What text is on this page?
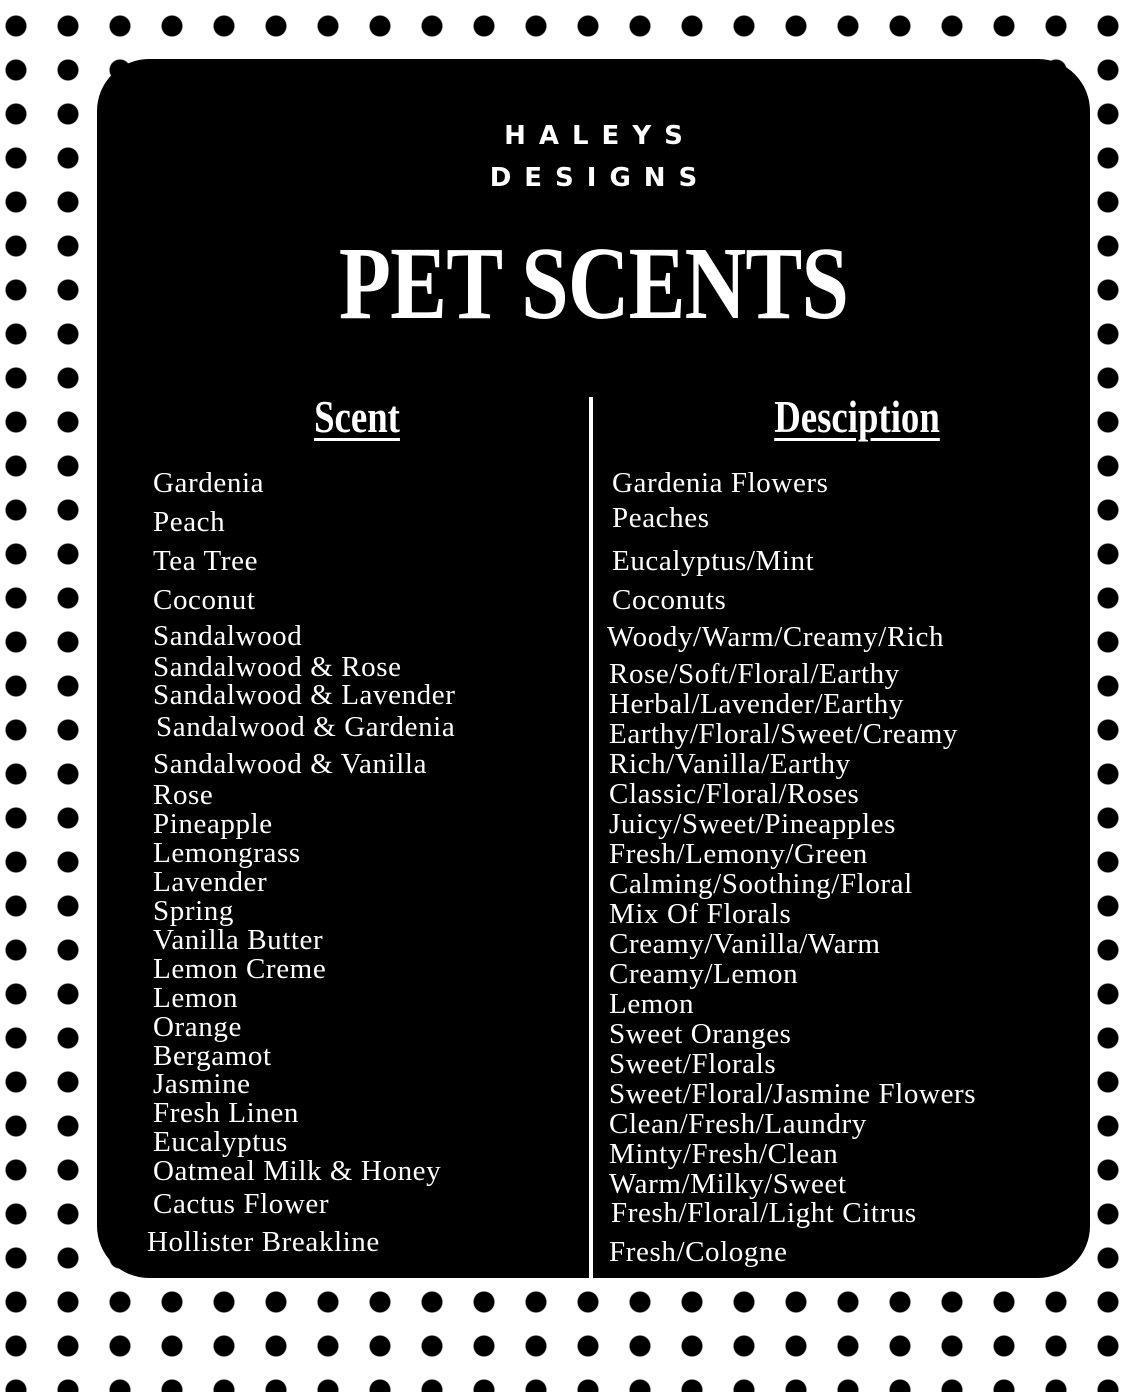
HALEYS
DESIGNS
PET SCENTS
Scent	Desciption
Gardenia
Peach
Tea Tree
Coconut
Sandalwood
Sandalwood & Rose
Sandalwood & Lavender
Sandalwood & Gardenia
Sandalwood & Vanilla
Rose
Pineapple
Lemongrass
Lavender
Spring
Vanilla Butter
Lemon Creme
Lemon
Orange
Bergamot
Jasmine
Fresh Linen
Eucalyptus
Oatmeal Milk & Honey
Cactus Flower
Hollister Breakline
Gardenia Flowers
Peaches
Eucalyptus/Mint
Coconuts
Woody/Warm/Creamy/Rich
Rose/Soft/Floral/Earthy
Herbal/Lavender/Earthy
Earthy/Floral/Sweet/Creamy
Rich/Vanilla/Earthy
Classic/Floral/Roses
Juicy/Sweet/Pineapples
Fresh/Lemony/Green
Calming/Soothing/Floral
Mix Of Florals
Creamy/Vanilla/Warm
Creamy/Lemon
Lemon
Sweet Oranges
Sweet/Florals
Sweet/Floral/Jasmine Flowers
Clean/Fresh/Laundry
Minty/Fresh/Clean
Warm/Milky/Sweet
Fresh/Floral/Light Citrus
Fresh/Cologne
